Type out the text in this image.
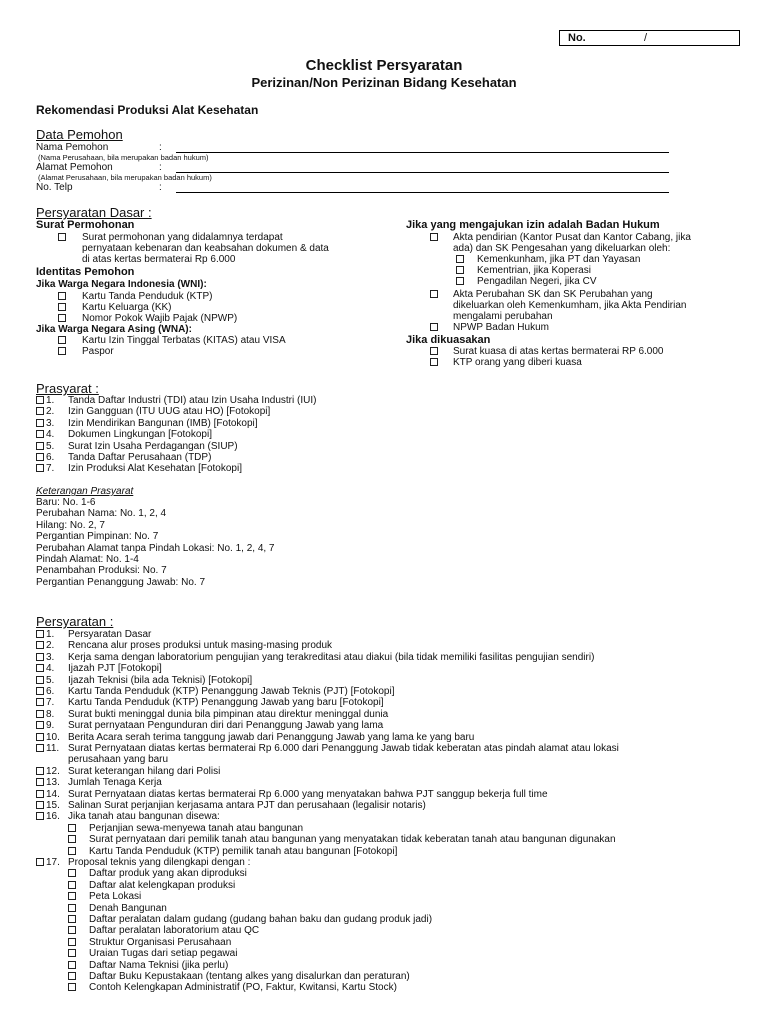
No.	/
Checklist Persyaratan
Perizinan/Non Perizinan Bidang Kesehatan
Rekomendasi Produksi Alat Kesehatan
Data Pemohon
Nama Pemohon	:
(Nama Perusahaan, bila merupakan badan hukum)
Alamat Pemohon	:
(Alamat Perusahaan, bila merupakan badan hukum)
No. Telp	:
Persyaratan Dasar :
Surat Permohonan
Surat permohonan yang didalamnya terdapat
pernyataan kebenaran dan keabsahan dokumen & data
di atas kertas bermaterai Rp 6.000
Identitas Pemohon
Jika Warga Negara Indonesia (WNI):
Kartu Tanda Penduduk (KTP)
Kartu Keluarga (KK)
Nomor Pokok Wajib Pajak (NPWP)
Jika Warga Negara Asing (WNA):
Kartu Izin Tinggal Terbatas (KITAS) atau VISA
Paspor
Jika yang mengajukan izin adalah Badan Hukum
Akta pendirian (Kantor Pusat dan Kantor Cabang, jika
ada) dan SK Pengesahan yang dikeluarkan oleh:
Kemenkunham, jika PT dan Yayasan
Kementrian, jika Koperasi
Pengadilan Negeri, jika CV
Akta Perubahan SK dan SK Perubahan yang
dikeluarkan oleh Kemenkumham, jika Akta Pendirian
mengalami perubahan
NPWP Badan Hukum
Jika dikuasakan
Surat kuasa di atas kertas bermaterai RP 6.000
KTP orang yang diberi kuasa
Prasyarat :
1. Tanda Daftar Industri (TDI) atau Izin Usaha Industri (IUI)
2. Izin Gangguan (ITU UUG atau HO) [Fotokopi]
3. Izin Mendirikan Bangunan (IMB) [Fotokopi]
4. Dokumen Lingkungan [Fotokopi]
5. Surat Izin Usaha Perdagangan (SIUP)
6. Tanda Daftar Perusahaan (TDP)
7. Izin Produksi Alat Kesehatan [Fotokopi]
Keterangan Prasyarat
Baru: No. 1-6
Perubahan Nama: No. 1, 2, 4
Hilang: No. 2, 7
Pergantian Pimpinan: No. 7
Perubahan Alamat tanpa Pindah Lokasi: No. 1, 2, 4, 7
Pindah Alamat: No. 1-4
Penambahan Produksi: No. 7
Pergantian Penanggung Jawab: No. 7
Persyaratan :
1. Persyaratan Dasar
2. Rencana alur proses produksi untuk masing-masing produk
3. Kerja sama dengan laboratorium pengujian yang terakreditasi atau diakui (bila tidak memiliki fasilitas pengujian sendiri)
4. Ijazah PJT [Fotokopi]
5. Ijazah Teknisi (bila ada Teknisi) [Fotokopi]
6. Kartu Tanda Penduduk (KTP) Penanggung Jawab Teknis (PJT) [Fotokopi]
7. Kartu Tanda Penduduk (KTP) Penanggung Jawab yang baru [Fotokopi]
8. Surat bukti meninggal dunia bila pimpinan atau direktur meninggal dunia
9. Surat pernyataan Pengunduran diri dari Penanggung Jawab yang lama
10. Berita Acara serah terima tanggung jawab dari Penanggung Jawab yang lama ke yang baru
11. Surat Pernyataan diatas kertas bermaterai Rp 6.000 dari Penanggung Jawab tidak keberatan atas pindah alamat atau lokasi
perusahaan yang baru
12. Surat keterangan hilang dari Polisi
13. Jumlah Tenaga Kerja
14. Surat Pernyataan diatas kertas bermaterai Rp 6.000 yang menyatakan bahwa PJT sanggup bekerja full time
15. Salinan Surat perjanjian kerjasama antara PJT dan perusahaan (legalisir notaris)
16. Jika tanah atau bangunan disewa:
Perjanjian sewa-menyewa tanah atau bangunan
Surat pernyataan dari pemilik tanah atau bangunan yang menyatakan tidak keberatan tanah atau bangunan digunakan
Kartu Tanda Penduduk (KTP) pemilik tanah atau bangunan [Fotokopi]
17. Proposal teknis yang dilengkapi dengan :
Daftar produk yang akan diproduksi
Daftar alat kelengkapan produksi
Peta Lokasi
Denah Bangunan
Daftar peralatan dalam gudang (gudang bahan baku dan gudang produk jadi)
Daftar peralatan laboratorium atau QC
Struktur Organisasi Perusahaan
Uraian Tugas dari setiap pegawai
Daftar Nama Teknisi (jika perlu)
Daftar Buku Kepustakaan (tentang alkes yang disalurkan dan peraturan)
Contoh Kelengkapan Administratif (PO, Faktur, Kwitansi, Kartu Stock)
